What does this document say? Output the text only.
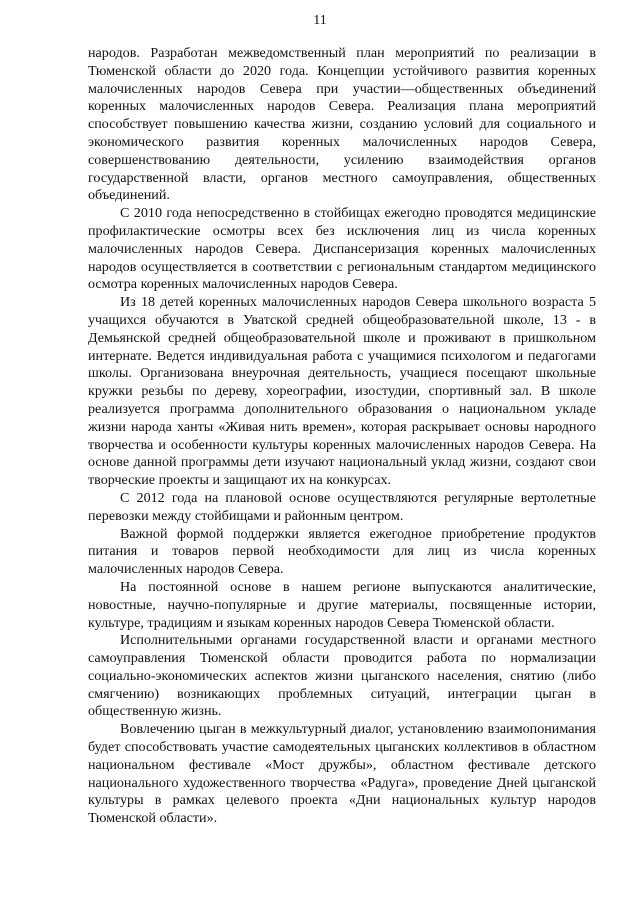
11

народов. Разработан межведомственный план мероприятий по реализации в Тюменской области до 2020 года. Концепции устойчивого развития коренных малочисленных народов Севера при участии—общественных объединений коренных малочисленных народов Севера. Реализация плана мероприятий способствует повышению качества жизни, созданию условий для социального и экономического развития коренных малочисленных народов Севера, совершенствованию деятельности, усилению взаимодействия органов государственной власти, органов местного самоуправления, общественных объединений.

С 2010 года непосредственно в стойбищах ежегодно проводятся медицинские профилактические осмотры всех без исключения лиц из числа коренных малочисленных народов Севера. Диспансеризация коренных малочисленных народов осуществляется в соответствии с региональным стандартом медицинского осмотра коренных малочисленных народов Севера.

Из 18 детей коренных малочисленных народов Севера школьного возраста 5 учащихся обучаются в Уватской средней общеобразовательной школе, 13 - в Демьянской средней общеобразовательной школе и проживают в пришкольном интернате. Ведется индивидуальная работа с учащимися психологом и педагогами школы. Организована внеурочная деятельность, учащиеся посещают школьные кружки резьбы по дереву, хореографии, изостудии, спортивный зал. В школе реализуется программа дополнительного образования о национальном укладе жизни народа ханты «Живая нить времен», которая раскрывает основы народного творчества и особенности культуры коренных малочисленных народов Севера. На основе данной программы дети изучают национальный уклад жизни, создают свои творческие проекты и защищают их на конкурсах.

С 2012 года на плановой основе осуществляются регулярные вертолетные перевозки между стойбищами и районным центром.

Важной формой поддержки является ежегодное приобретение продуктов питания и товаров первой необходимости для лиц из числа коренных малочисленных народов Севера.

На постоянной основе в нашем регионе выпускаются аналитические, новостные, научно-популярные и другие материалы, посвященные истории, культуре, традициям и языкам коренных народов Севера Тюменской области.

Исполнительными органами государственной власти и органами местного самоуправления Тюменской области проводится работа по нормализации социально-экономических аспектов жизни цыганского населения, снятию (либо смягчению) возникающих проблемных ситуаций, интеграции цыган в общественную жизнь.

Вовлечению цыган в межкультурный диалог, установлению взаимопонимания будет способствовать участие самодеятельных цыганских коллективов в областном национальном фестивале «Мост дружбы», областном фестивале детского национального художественного творчества «Радуга», проведение Дней цыганской культуры в рамках целевого проекта «Дни национальных культур народов Тюменской области».
